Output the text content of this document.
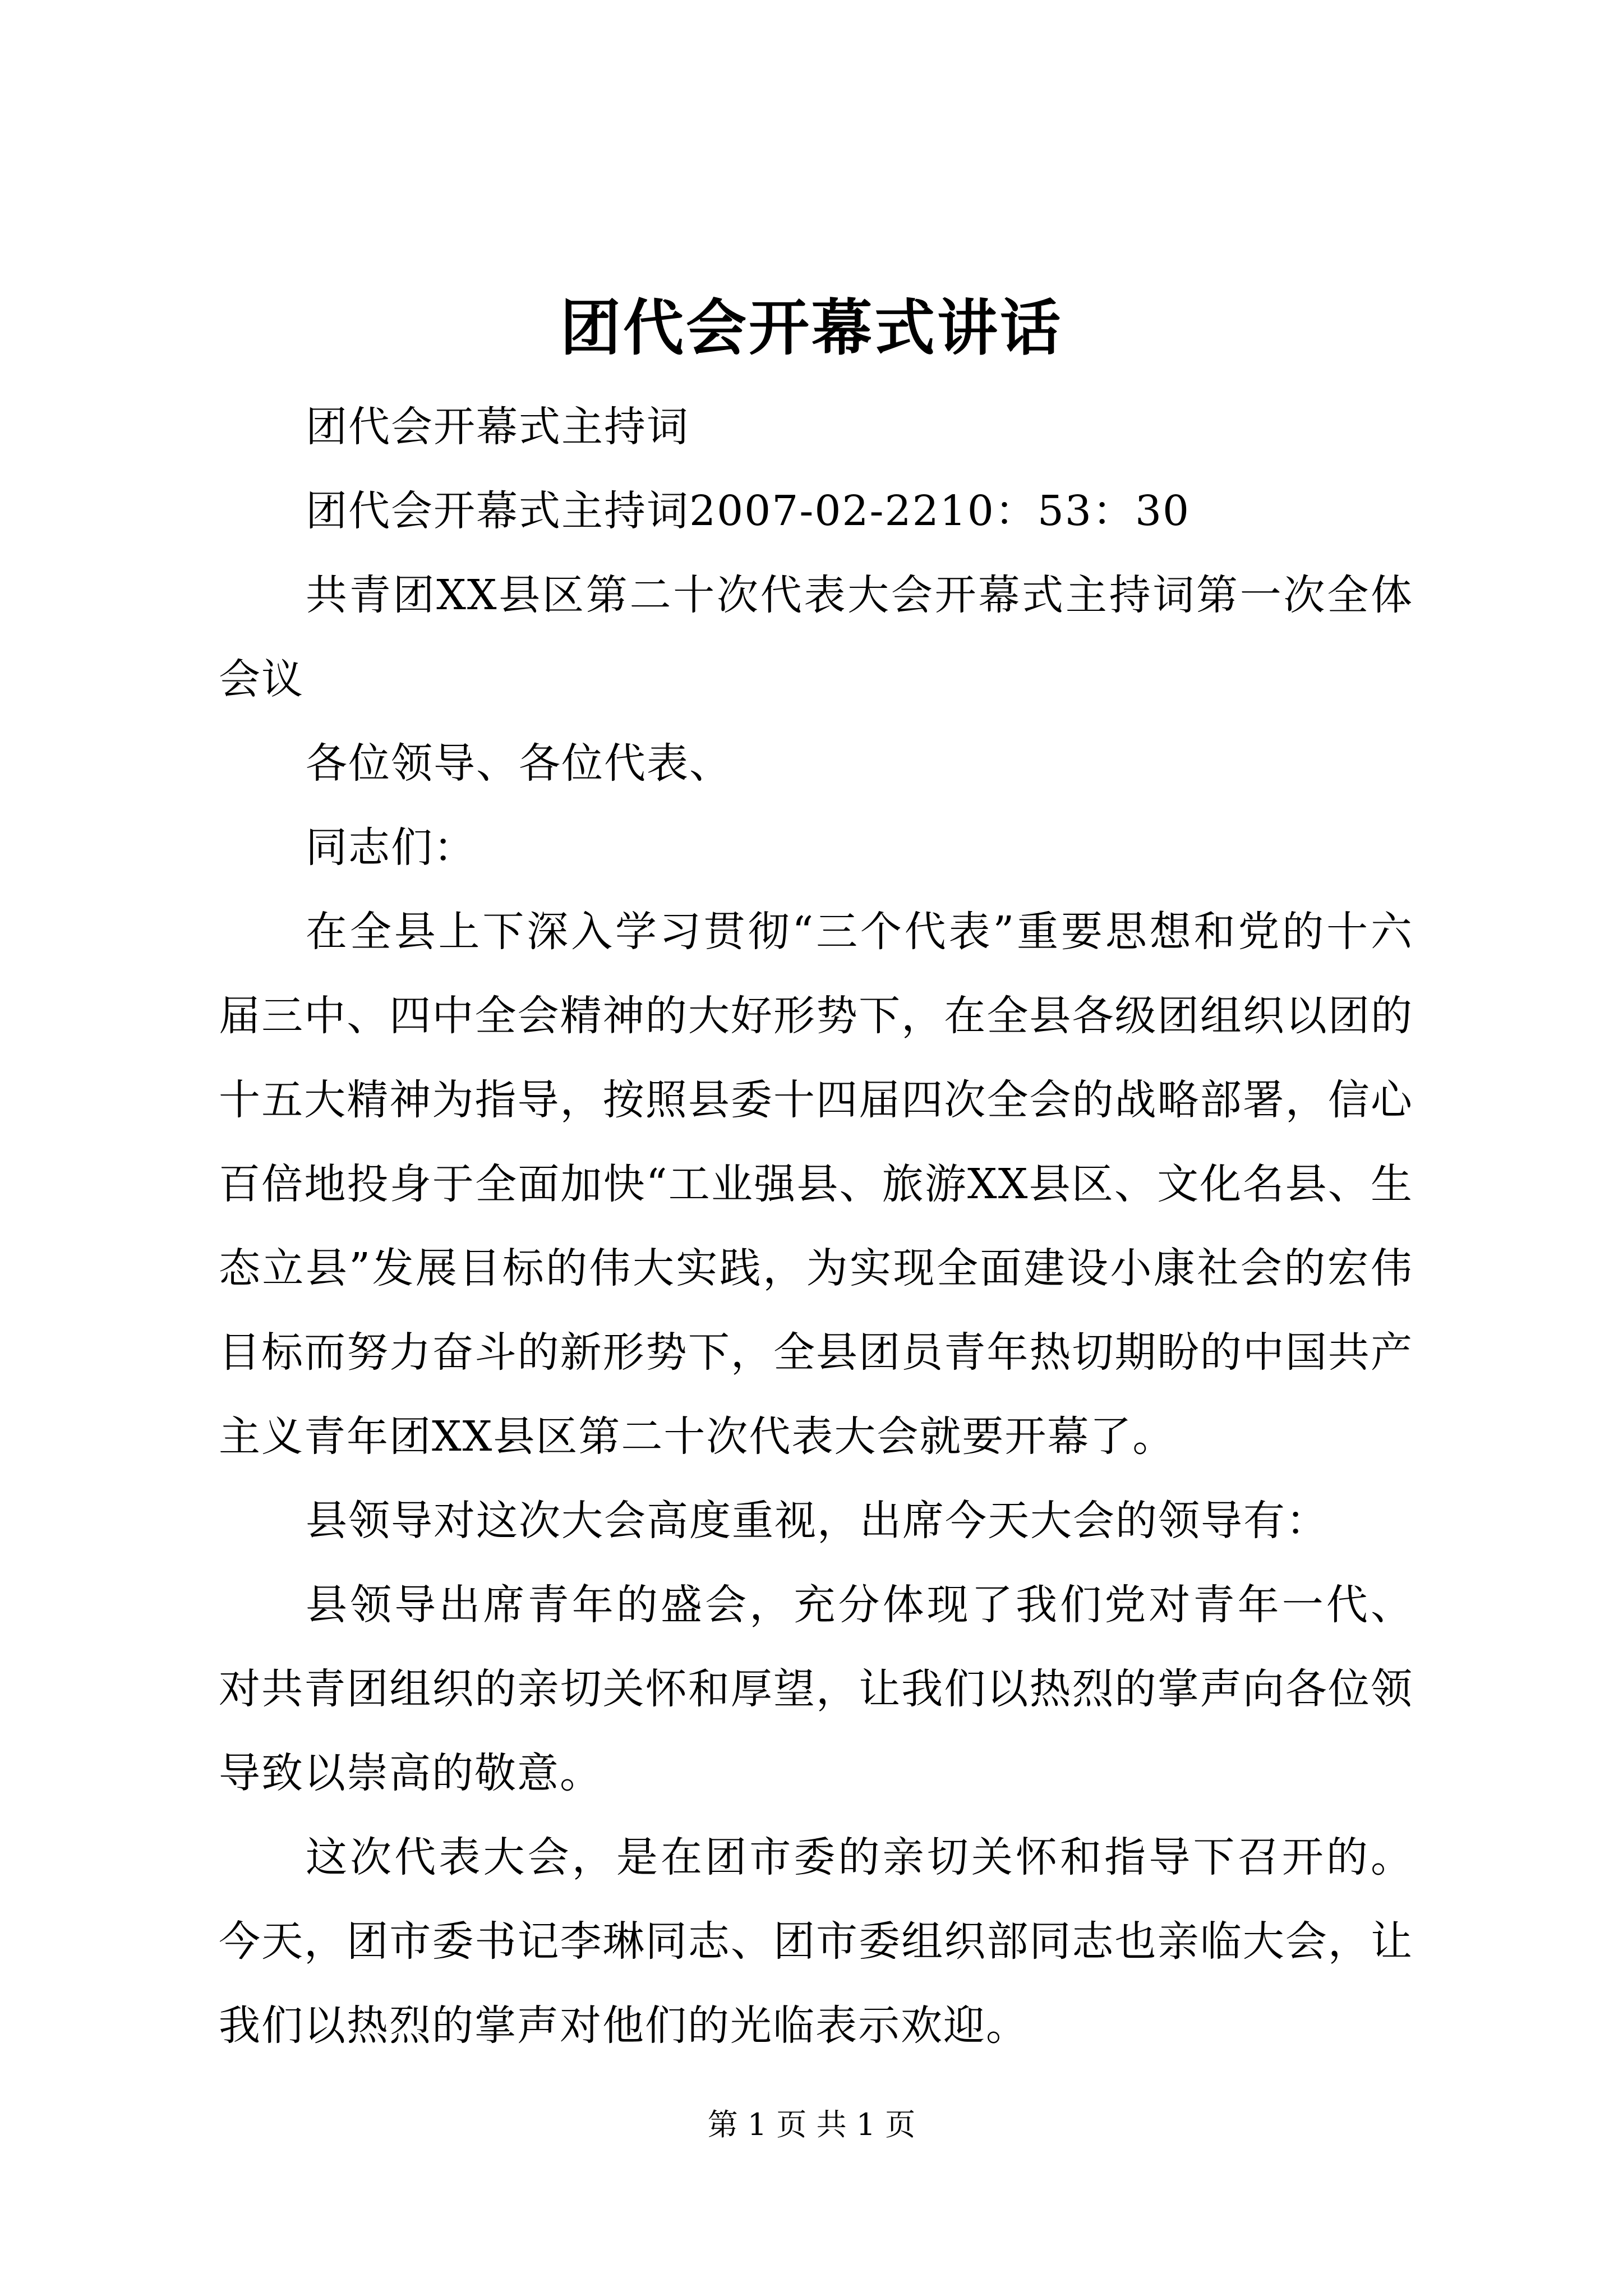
团代会开幕式讲话

团代会开幕式主持词

团代会开幕式主持词2007-02-2210：53：30

共青团XX县区第二十次代表大会开幕式主持词第一次全体会议

各位领导、各位代表、

同志们：

在全县上下深入学习贯彻“三个代表”重要思想和党的十六届三中、四中全会精神的大好形势下，在全县各级团组织以团的十五大精神为指导，按照县委十四届四次全会的战略部署，信心百倍地投身于全面加快“工业强县、旅游XX县区、文化名县、生态立县”发展目标的伟大实践，为实现全面建设小康社会的宏伟目标而努力奋斗的新形势下，全县团员青年热切期盼的中国共产主义青年团XX县区第二十次代表大会就要开幕了。

县领导对这次大会高度重视，出席今天大会的领导有：

县领导出席青年的盛会，充分体现了我们党对青年一代、对共青团组织的亲切关怀和厚望，让我们以热烈的掌声向各位领导致以崇高的敬意。

这次代表大会，是在团市委的亲切关怀和指导下召开的。今天，团市委书记李琳同志、团市委组织部同志也亲临大会，让我们以热烈的掌声对他们的光临表示欢迎。

第 1 页 共 1 页
